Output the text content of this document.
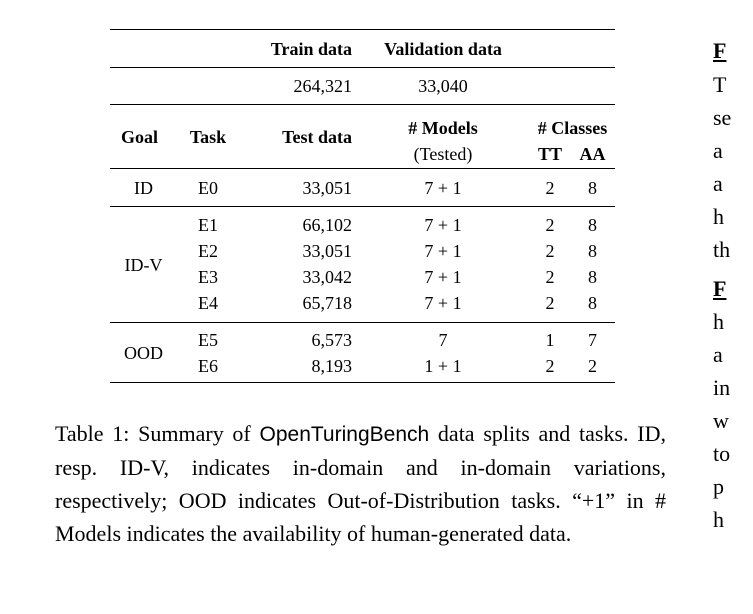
		Train data	Validation data		
		264,321	33,040		
Goal	Task	Test data	# Models	# Classes	
			(Tested)	TT	AA
ID	E0	33,051	7 + 1	2	8
ID-V	E1	66,102	7 + 1	2	8
	E2	33,051	7 + 1	2	8
	E3	33,042	7 + 1	2	8
	E4	65,718	7 + 1	2	8
OOD	E5	6,573	7	1	7
	E6	8,193	1 + 1	2	2
Table 1: Summary of OpenTuringBench data splits and tasks. ID, resp. ID-V, indicates in-domain and in-domain variations, respectively; OOD indicates Out-of-Distribution tasks. “+1” in # Models indicates the availability of human-generated data.
F
T
se
a
a
h
th
F
h
a
in
w
to
p
h
